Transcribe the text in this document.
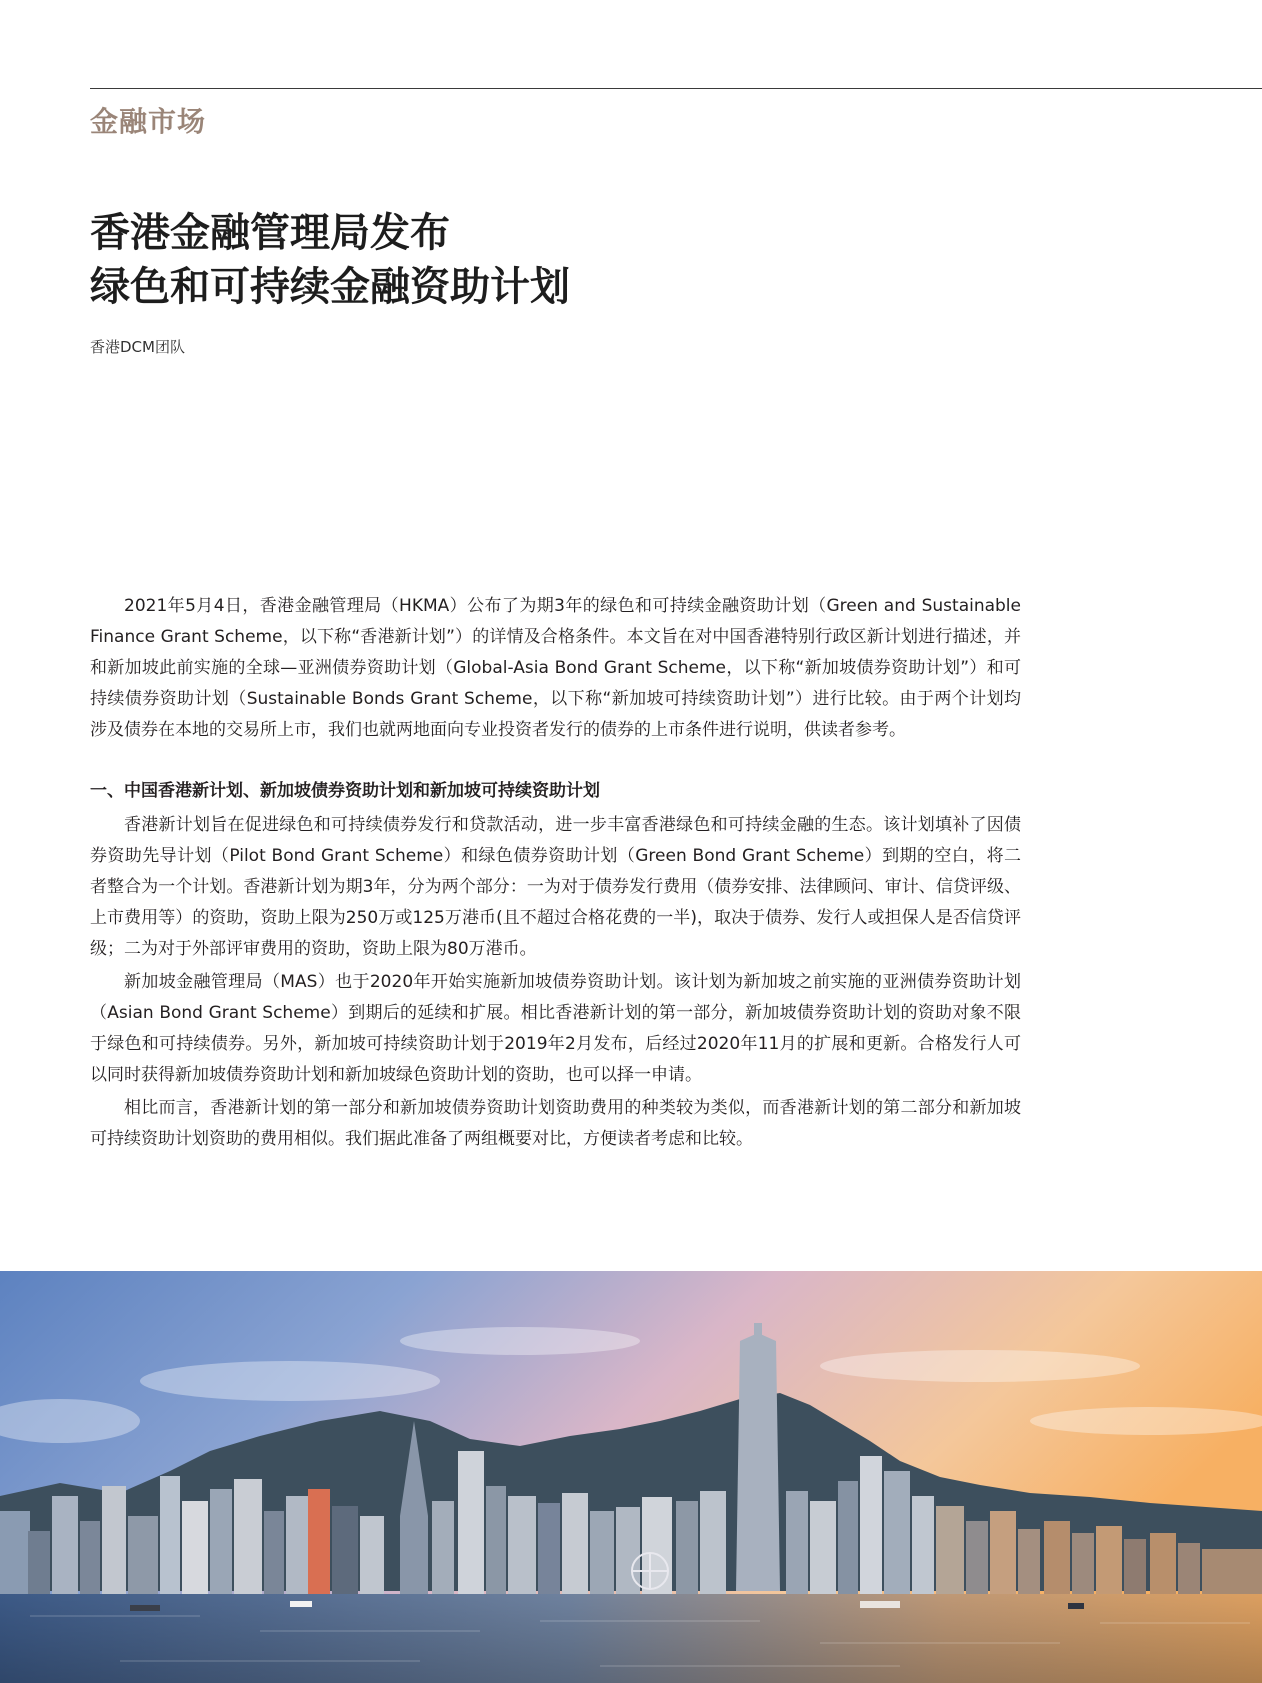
金融市场
香港金融管理局发布
绿色和可持续金融资助计划
香港DCM团队

2021年5月4日，香港金融管理局（HKMA）公布了为期3年的绿色和可持续金融资助计划（Green and Sustainable Finance Grant Scheme，以下称“香港新计划”）的详情及合格条件。本文旨在对中国香港特别行政区新计划进行描述，并和新加坡此前实施的全球—亚洲债券资助计划（Global-Asia Bond Grant Scheme，以下称“新加坡债券资助计划”）和可持续债券资助计划（Sustainable Bonds Grant Scheme，以下称“新加坡可持续资助计划”）进行比较。由于两个计划均涉及债券在本地的交易所上市，我们也就两地面向专业投资者发行的债券的上市条件进行说明，供读者参考。

一、中国香港新计划、新加坡债券资助计划和新加坡可持续资助计划

香港新计划旨在促进绿色和可持续债券发行和贷款活动，进一步丰富香港绿色和可持续金融的生态。该计划填补了因债券资助先导计划（Pilot Bond Grant Scheme）和绿色债券资助计划（Green Bond Grant Scheme）到期的空白，将二者整合为一个计划。香港新计划为期3年，分为两个部分：一为对于债券发行费用（债券安排、法律顾问、审计、信贷评级、上市费用等）的资助，资助上限为250万或125万港币(且不超过合格花费的一半)，取决于债券、发行人或担保人是否信贷评级；二为对于外部评审费用的资助，资助上限为80万港币。

新加坡金融管理局（MAS）也于2020年开始实施新加坡债券资助计划。该计划为新加坡之前实施的亚洲债券资助计划（Asian Bond Grant Scheme）到期后的延续和扩展。相比香港新计划的第一部分，新加坡债券资助计划的资助对象不限于绿色和可持续债券。另外，新加坡可持续资助计划于2019年2月发布，后经过2020年11月的扩展和更新。合格发行人可以同时获得新加坡债券资助计划和新加坡绿色资助计划的资助，也可以择一申请。

相比而言，香港新计划的第一部分和新加坡债券资助计划资助费用的种类较为类似，而香港新计划的第二部分和新加坡可持续资助计划资助的费用相似。我们据此准备了两组概要对比，方便读者考虑和比较。
